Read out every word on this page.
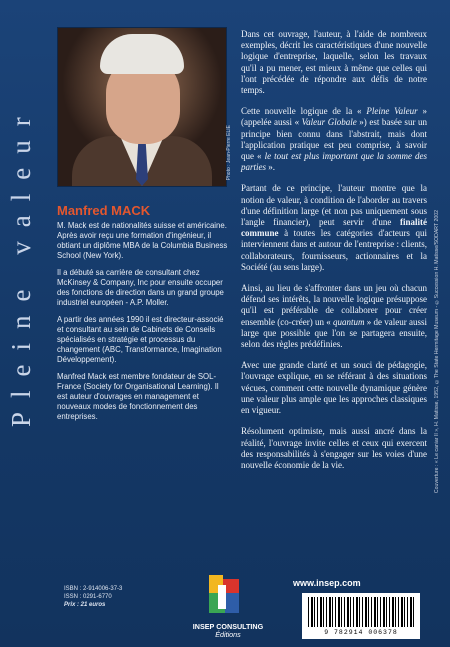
Pleine valeur	Photo : Jean-Pierre ELIE
Manfred MACK

M. Mack est de nationalités suisse et américaine. Après avoir reçu une formation d'ingénieur, il obtiant un diplôme MBA de la Columbia Business School (New York).

Il a débuté sa carrière de consultant chez McKinsey & Company, Inc pour ensuite occuper des fonctions de direction dans un grand groupe industriel européen - A.P. Moller.

A partir des années 1990 il est directeur-associé et consultant au sein de Cabinets de Conseils spécialisés en stratégie et processus du changement (ABC, Transformance, Imagination Développement).

Manfred Mack est membre fondateur de SOL-France (Society for Organisational Learning). Il est auteur d'ouvrages en management et nouveaux modes de fonctionnement des entreprises.

Dans cet ouvrage, l'auteur, à l'aide de nombreux exemples, décrit les caractéristiques d'une nouvelle logique d'entreprise, laquelle, selon les travaux qu'il a pu mener, est mieux à même que celles qui l'ont précédée de répondre aux défis de notre temps.

Cette nouvelle logique de la « Pleine Valeur » (appelée aussi « Valeur Globale ») est basée sur un principe bien connu dans l'abstrait, mais dont l'application pratique est peu comprise, à savoir que « le tout est plus important que la somme des parties ».

Partant de ce principe, l'auteur montre que la notion de valeur, à condition de l'aborder au travers d'une définition large (et non pas uniquement sous l'angle financier), peut servir d'une finalité commune à toutes les catégories d'acteurs qui interviennent dans et autour de l'entreprise : clients, collaborateurs, fournisseurs, actionnaires et la Société (au sens large).

Ainsi, au lieu de s'affronter dans un jeu où chacun défend ses intérêts, la nouvelle logique présuppose qu'il est préférable de collaborer pour créer ensemble (co-créer) un « quantum » de valeur aussi large que possible que l'on se partagera ensuite, selon des règles prédéfinies.

Avec une grande clarté et un souci de pédagogie, l'ouvrage explique, en se référant à des situations vécues, comment cette nouvelle dynamique génère une valeur plus ample que les approches classiques en vigueur.

Résolument optimiste, mais aussi ancré dans la réalité, l'ouvrage invite celles et ceux qui exercent des responsabilités à s'engager sur les voies d'une nouvelle économie de la vie.	Couverture : « Le caniar II », H. Matisse, 1952, ©The State Hermitage Museum - ©Succession H. Matisse/SODART 2002
www.insep.com
ISBN : 2-914006-37-3
ISSN : 0291-6770
Prix : 21 euros
INSEP CONSULTING
Éditions	9 782914 006378
